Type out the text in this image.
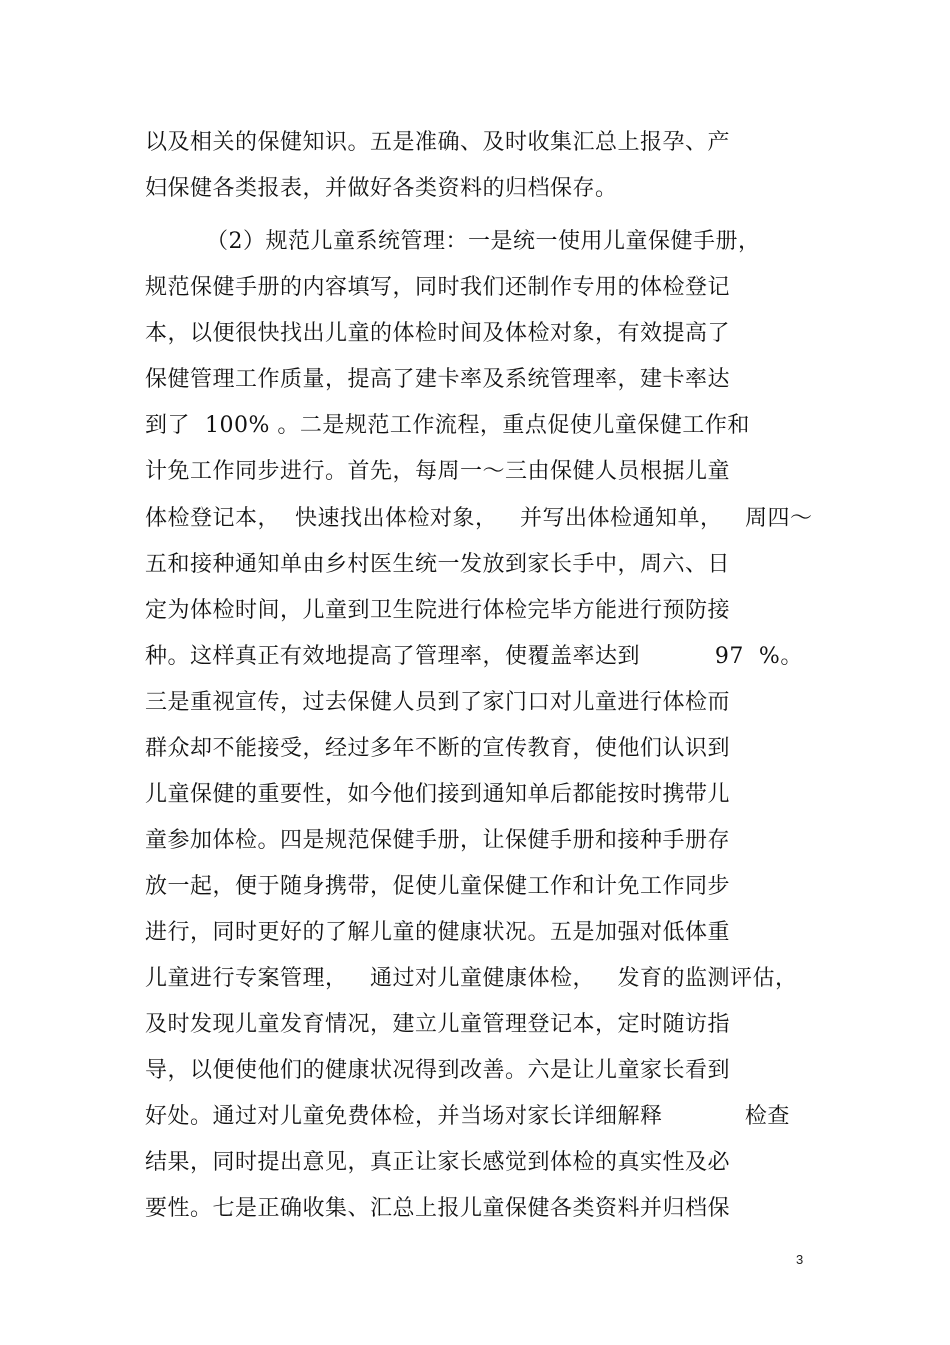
以及相关的保健知识。五是准确、及时收集汇总上报孕、产
妇保健各类报表，并做好各类资料的归档保存。
（2）规范儿童系统管理：一是统一使用儿童保健手册，
规范保健手册的内容填写，同时我们还制作专用的体检登记
本，以便很快找出儿童的体检时间及体检对象，有效提高了
保健管理工作质量，提高了建卡率及系统管理率，建卡率达
到了  100% 。二是规范工作流程，重点促使儿童保健工作和
计免工作同步进行。首先，每周一～三由保健人员根据儿童
体检登记本，  快速找出体检对象，   并写出体检通知单，   周四～
五和接种通知单由乡村医生统一发放到家长手中，周六、日
定为体检时间，儿童到卫生院进行体检完毕方能进行预防接
种。这样真正有效地提高了管理率，使覆盖率达到          97  %。
三是重视宣传，过去保健人员到了家门口对儿童进行体检而
群众却不能接受，经过多年不断的宣传教育，使他们认识到
儿童保健的重要性，如今他们接到通知单后都能按时携带儿
童参加体检。四是规范保健手册，让保健手册和接种手册存
放一起，便于随身携带，促使儿童保健工作和计免工作同步
进行，同时更好的了解儿童的健康状况。五是加强对低体重
儿童进行专案管理，   通过对儿童健康体检，   发育的监测评估，
及时发现儿童发育情况，建立儿童管理登记本，定时随访指
导，以便使他们的健康状况得到改善。六是让儿童家长看到
好处。通过对儿童免费体检，并当场对家长详细解释           检查
结果，同时提出意见，真正让家长感觉到体检的真实性及必
要性。七是正确收集、汇总上报儿童保健各类资料并归档保
3
